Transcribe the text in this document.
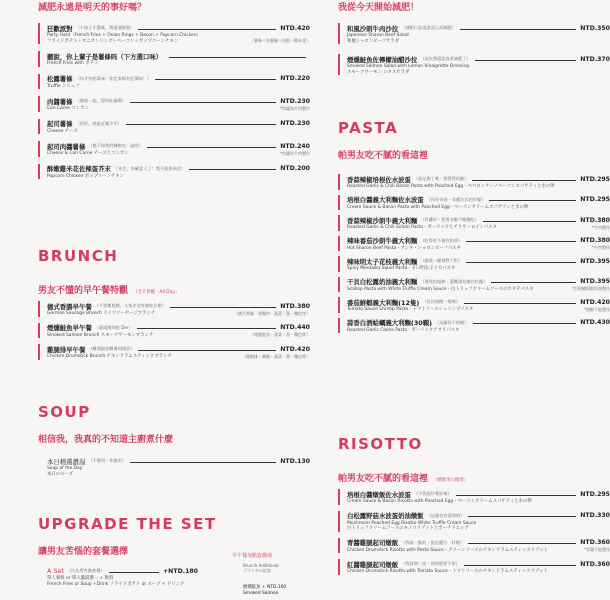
減肥永遠是明天的事好嗎？
狂歡派對 （小孩子才選擇，我通通都要）	NTD.420
Party Hard（French Fries + Onion Rings + Bacon + Popcorn Chicken）
フライドポテト＋オニオンリング＋ベーコン＋ポップコーンチキン	（薯條＋洋蔥圈＋培根＋雞米花）
聽說，你上輩子是薯條吗（下方選口味）
French Fries with ポテト
松露薯條 （你才有點菜味！你走家都有在菜味！）	NTD.220
Truffle トリュフ
肉醬薯條 （脂肪一起，得扮肚審場）	NTD.230
Con Carne コンカン	*肉醬為牛肉製作
起司薯條 （你好，我最近減少多）	NTD.230
Cheese チーズ
起司肉醬薯條 （都不如我們擁抱在一起吧）	NTD.240
Cheese & Con Carne チーズとコンカン	*肉醬為牛肉製作
酥嫩雞米花佐辣蛋芥末 （先生，你確認人了！我不需要米花）	NTD.200
Popcorn Chicken ポップコーンチキン
BRUNCH
男友不懂的早午餐特觀 （全天供應・All Day）
德式香腸早午餐 （不要尷尬喔，人家才沒有偷吃什麼）	NTD.380
German Sausage Brunch ドイツソーセージブランチ	（德式香腸・香腸肉・蔬菜・蛋・麵包等）
煙燻鮭魚早午餐 （還需錢同吃 Der）	NTD.440
Smoked Salmon Brunch スモークサーモンブランチ	（煙燻鮭魚・蔬菜・蛋・麵包等）
雞腿排早午餐 （難我跟你體養同樣意）	NTD.420
Chicken Drumstick Brunch チキンドラムスティックブランチ	（雞腿排・雞腿・蔬菜・蛋・麵包等）
SOUP
相信我，我真的不知道主廚煮什麼
本日精選濃湯 （不會用・你會用）	NTD.130
Soup of the Day
本日のスープ
UPGRADE THE SET
讓男友苦惱的套餐選擇
A Set （比比所有點套餐）	+NTD.180
單人薯條 or 單人濃湯選一 + 飲料
French Fries or Soup +Drink フライドポテト or スープ + ドリンク
早午餐加點套濃湯
Brunch Additional
ブランチの追加
煙燻鮭魚 + NTD.100
Smoked Salmon
我從今天開始減肥！
和風沙朗牛肉沙拉 （減肥只是說說而已而減肥）	NTD.350
Japanese Sharon Beef Salad
和風シャロンビーフサラダ
煙燻鮭魚佐檸檬油醋沙拉 （這次我還認真要減肥了）	NTD.370
Smoked Salmon Salad with Lemon Vinaigrette Dressing
スモークサーモン レタスサラダ
PASTA
帕男友吃不膩的看這裡
香蒜辣椒培根佐水波蛋 （就足夠了嗎・我覺得再點）	NTD.295
Roasted Garlic & Chili Bacon Pasta with Poached Egg - ペペロンチーノベーコンスパゲティと水の卵
培根白醬義大利麵佐水波蛋 （你好奇怪・有種法式的早餐）	NTD.295
Cream Sauce & Bacon Pasta with Poached Egg - ベーコンクリームスパゲティと水の卵
香蒜辣椒沙朗牛義大利麵 （乳蘸好・把男友餵不飽擔吃）	NTD.380
Roasted Garlic & Chili Sirloin Pasta - ガーリックとチリサーロインパスタ	*牛肉製作
辣味番茄沙朗牛義大利麵 （吃得吃不會有陷病）	NTD.380
Hot Sharon Beef Pasta - サンタ・ショロンビーフパスタ	*牛肉製作
辣味明太子花枝義大利麵 （跟我一樣辣對不對）	NTD.395
Spicy Mentaiko Squid Pasta - 辛口明太子イカパスタ
干貝白松露奶油義大利麵 （要我的超棒・還撒漂亮燉白松露）	NTD.395
Scallop Pasta with White Truffle Cream Sauce - 白トリュフクリームソースのホタテパスタ	*生蛤蠣與鮮奶油製作
番茄鮮蝦義大利麵(12隻) （比比每跑一隻嗎）	NTD.420
Tomato Sauce Shrimp Pasta - トマトソースシュリンプパスタ	*甜椒不能製作
蒜香白酒蛤蠣義大利麵(30顆) （這蘑你不的喔）	NTD.430
Roasted Garlic Clams Pasta - ガーリックアサリパスタ
RISOTTO
帕男友吃不膩的看這裡 （燉飯米白燉煮）
培根白醬燉飯佐水波蛋 （不管說好嗎好嗎）	NTD.295
Cream Sauce & Bacon Risotto with Poached Egg - ベーコンクリームスパゲティと水の卵
白松露野菇水波蛋奶油燉飯 （這個也有混到的）	NTD.330
Mushroom Poached Egg Risotto White Truffle Cream Sauce
白トリュフクリームソースのキノコリゾットとポーチドエッグ
青醬雞腿起司燉飯 （我看一緊的・從這邊分，好喔）	NTD.360
Chicken Drumstick Risotto with Pesto Sauce - グリーンソースのチキンドラムスティックリゾット	*青醬不能製作
紅醬雞腿起司燉飯 （我再問一次・你到底要不要）	NTD.360
Chicken Drumstick Risotto with Tomato Sauce - トマトソースのチキンドラムスティックリゾット
